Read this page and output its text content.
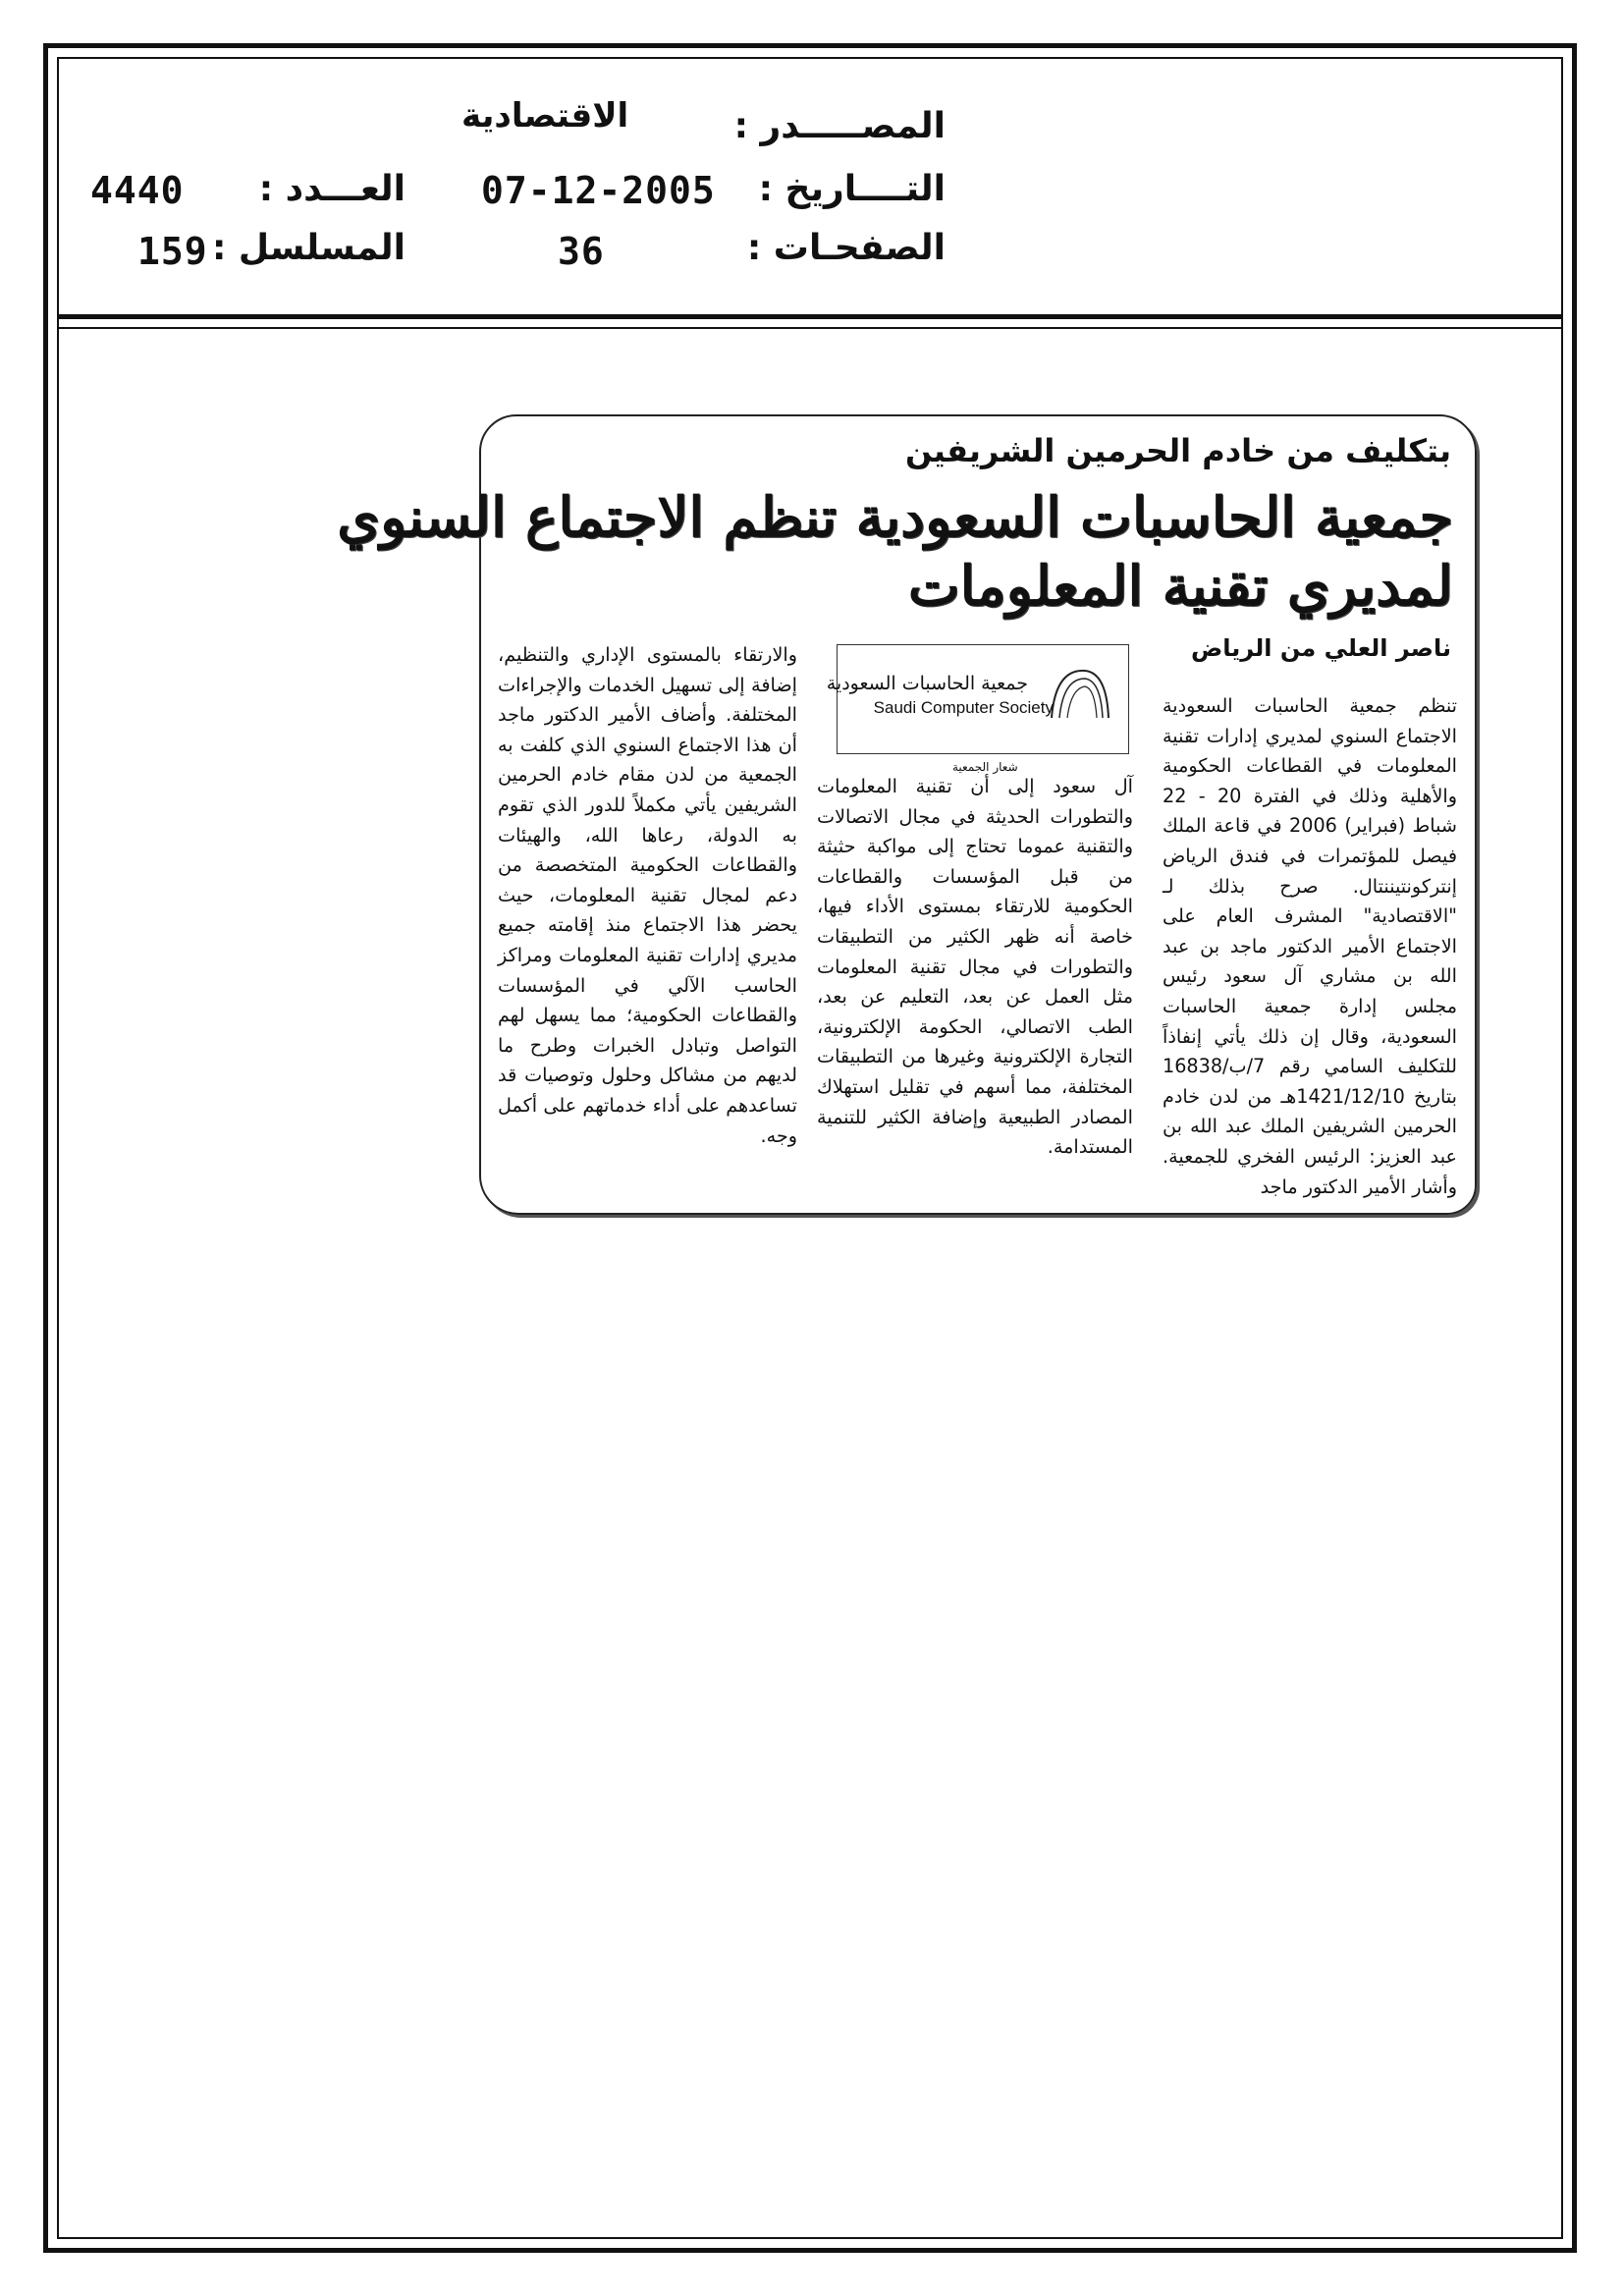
المصـــــدر :
الاقتصادية
التــــاريخ :
07-12-2005
الصفحـات :
36
العـــدد :
4440
المسلسل :
159
بتكليف من خادم الحرمين الشريفين
جمعية الحاسبات السعودية تنظم الاجتماع السنوي
لمديري تقنية المعلومات
ناصر العلي من الرياض
تنظم جمعية الحاسبات السعودية الاجتماع السنوي لمديري إدارات تقنية المعلومات في القطاعات الحكومية والأهلية وذلك في الفترة 20 - 22 شباط (فبراير) 2006 في قاعة الملك فيصل للمؤتمرات في فندق الرياض إنتركونتيننتال. صرح بذلك لـ "الاقتصادية" المشرف العام على الاجتماع الأمير الدكتور ماجد بن عبد الله بن مشاري آل سعود رئيس مجلس إدارة جمعية الحاسبات السعودية، وقال إن ذلك يأتي إنفاذاً للتكليف السامي رقم 7/ب/16838 بتاريخ 1421/12/10هـ من لدن خادم الحرمين الشريفين الملك عبد الله بن عبد العزيز: الرئيس الفخري للجمعية. وأشار الأمير الدكتور ماجد
جمعية الحاسبات السعودية
Saudi Computer Society
شعار الجمعية
آل سعود إلى أن تقنية المعلومات والتطورات الحديثة في مجال الاتصالات والتقنية عموما تحتاج إلى مواكبة حثيثة من قبل المؤسسات والقطاعات الحكومية للارتقاء بمستوى الأداء فيها، خاصة أنه ظهر الكثير من التطبيقات والتطورات في مجال تقنية المعلومات مثل العمل عن بعد، التعليم عن بعد، الطب الاتصالي، الحكومة الإلكترونية، التجارة الإلكترونية وغيرها من التطبيقات المختلفة، مما أسهم في تقليل استهلاك المصادر الطبيعية وإضافة الكثير للتنمية المستدامة.
والارتقاء بالمستوى الإداري والتنظيم، إضافة إلى تسهيل الخدمات والإجراءات المختلفة. وأضاف الأمير الدكتور ماجد أن هذا الاجتماع السنوي الذي كلفت به الجمعية من لدن مقام خادم الحرمين الشريفين يأتي مكملاً للدور الذي تقوم به الدولة، رعاها الله، والهيئات والقطاعات الحكومية المتخصصة من دعم لمجال تقنية المعلومات، حيث يحضر هذا الاجتماع منذ إقامته جميع مديري إدارات تقنية المعلومات ومراكز الحاسب الآلي في المؤسسات والقطاعات الحكومية؛ مما يسهل لهم التواصل وتبادل الخبرات وطرح ما لديهم من مشاكل وحلول وتوصيات قد تساعدهم على أداء خدماتهم على أكمل وجه.
